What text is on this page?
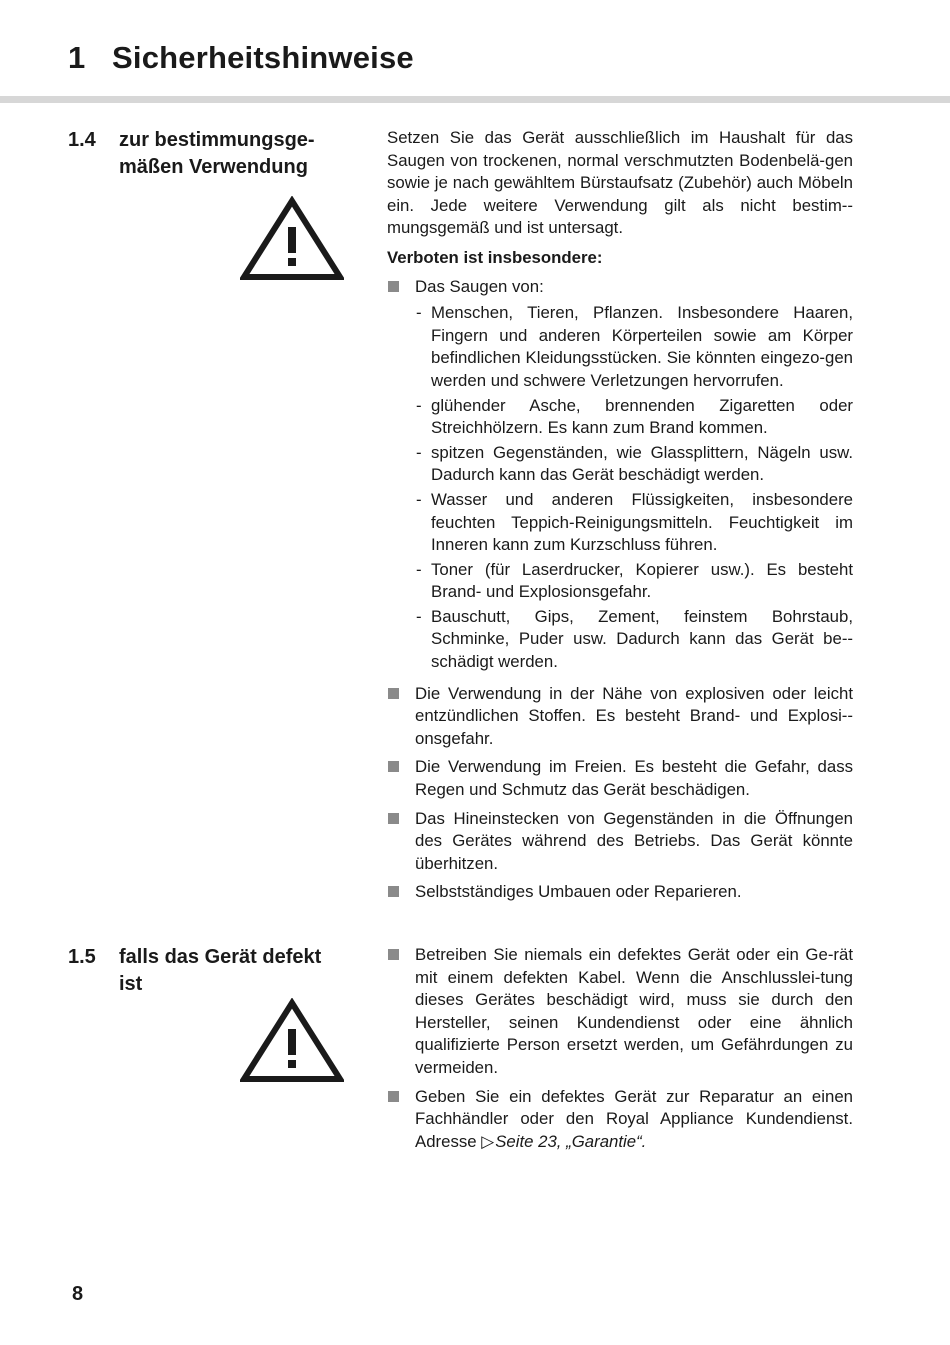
1 Sicherheitshinweise
1.4 zur bestimmungsge-
mäßen Verwendung

Setzen Sie das Gerät ausschließlich im Haushalt für das Saugen von trockenen, normal verschmutzten Bodenbelä-gen sowie je nach gewähltem Bürstaufsatz (Zubehör) auch Möbeln ein. Jede weitere Verwendung gilt als nicht bestim-mungsgemäß und ist untersagt.

Verboten ist insbesondere:

Das Saugen von:
- Menschen, Tieren, Pflanzen. Insbesondere Haaren, Fingern und anderen Körperteilen sowie am Körper befindlichen Kleidungsstücken. Sie könnten eingezo-gen werden und schwere Verletzungen hervorrufen.
- glühender Asche, brennenden Zigaretten oder Streichhölzern. Es kann zum Brand kommen.
- spitzen Gegenständen, wie Glassplittern, Nägeln usw. Dadurch kann das Gerät beschädigt werden.
- Wasser und anderen Flüssigkeiten, insbesondere feuchten Teppich-Reinigungsmitteln. Feuchtigkeit im Inneren kann zum Kurzschluss führen.
- Toner (für Laserdrucker, Kopierer usw.). Es besteht Brand- und Explosionsgefahr.
- Bauschutt, Gips, Zement, feinstem Bohrstaub, Schminke, Puder usw. Dadurch kann das Gerät be-schädigt werden.
Die Verwendung in der Nähe von explosiven oder leicht entzündlichen Stoffen. Es besteht Brand- und Explosi-onsgefahr.
Die Verwendung im Freien. Es besteht die Gefahr, dass Regen und Schmutz das Gerät beschädigen.
Das Hineinstecken von Gegenständen in die Öffnungen des Gerätes während des Betriebs. Das Gerät könnte überhitzen.
Selbstständiges Umbauen oder Reparieren.
1.5 falls das Gerät defekt
ist
Betreiben Sie niemals ein defektes Gerät oder ein Ge-rät mit einem defekten Kabel. Wenn die Anschlusslei-tung dieses Gerätes beschädigt wird, muss sie durch den Hersteller, seinen Kundendienst oder eine ähnlich qualifizierte Person ersetzt werden, um Gefährdungen zu vermeiden.
Geben Sie ein defektes Gerät zur Reparatur an einen Fachhändler oder den Royal Appliance Kundendienst. Adresse ▷Seite 23, „Garantie“.
8
